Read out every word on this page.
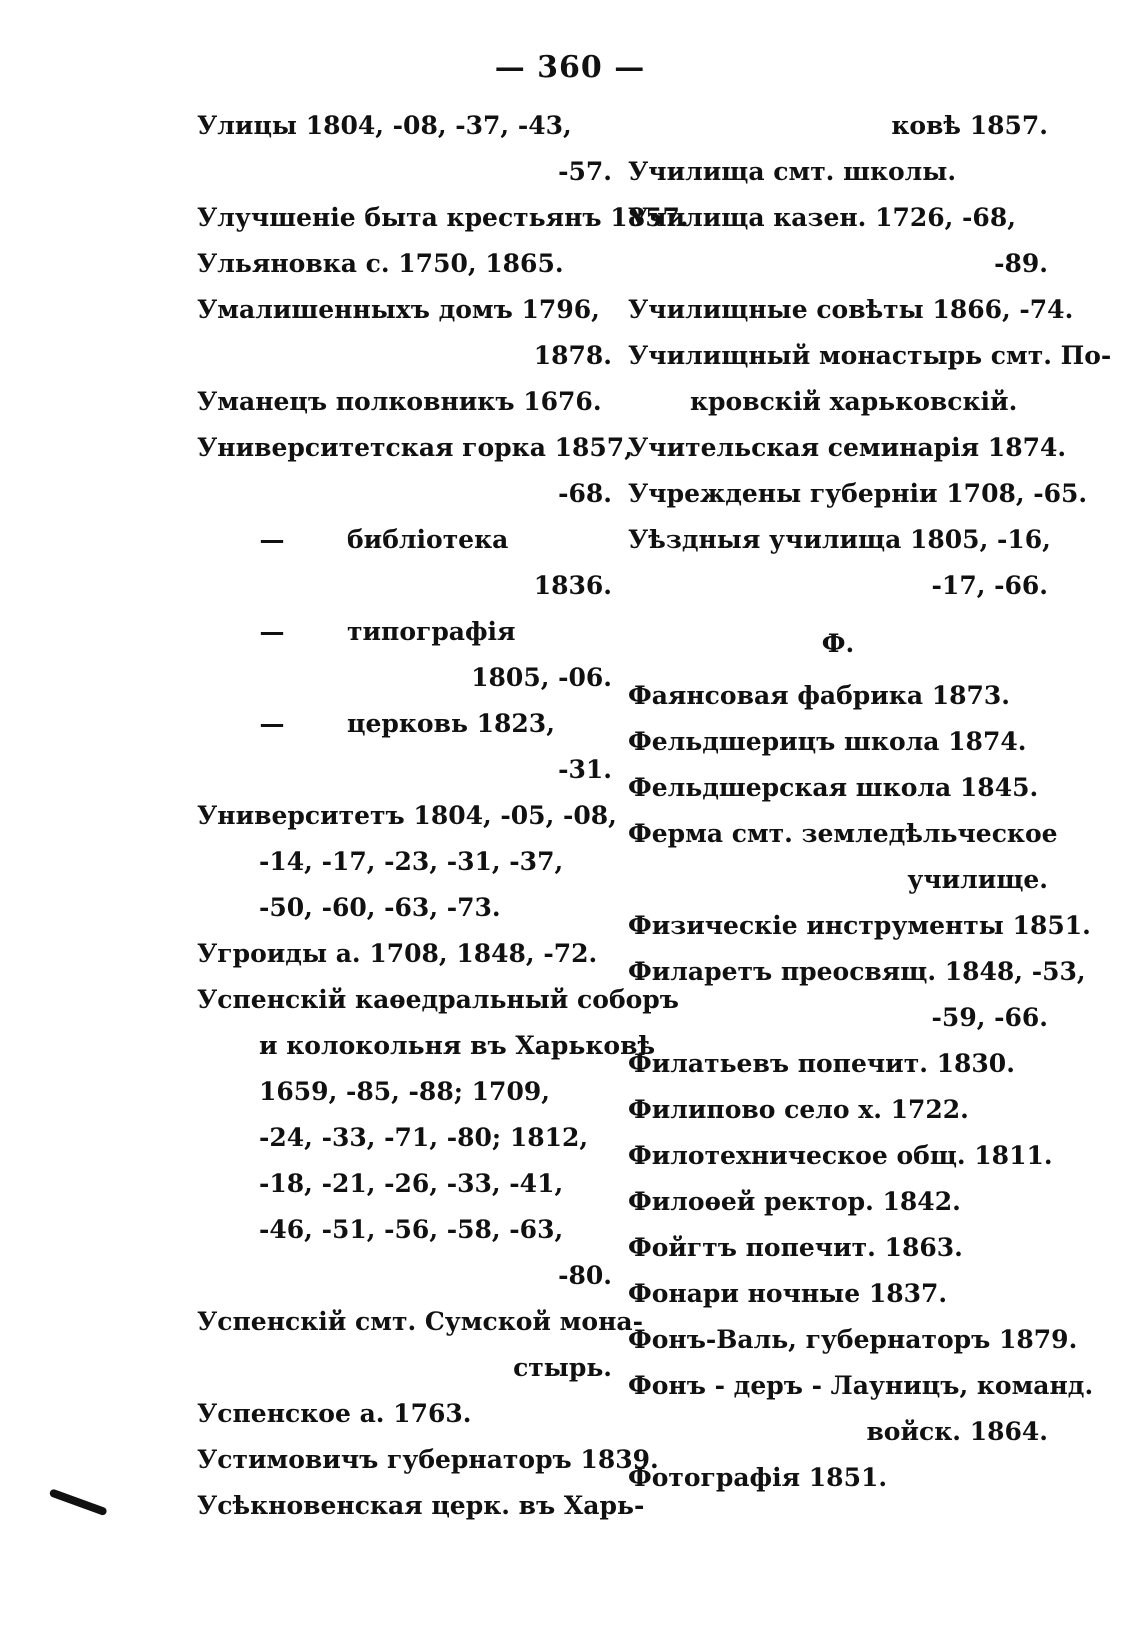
— 360 —
Улицы 1804, -08, -37, -43,
-57.
Улучшеніе быта крестьянъ 1857.
Ульяновка с. 1750, 1865.
Умалишенныхъ домъ 1796,
1878.
Уманецъ полковникъ 1676.
Университетская горка 1857,
-68.
—	библіотека
1836.
—	типографія
1805, -06.
—	церковь 1823,
-31.
Университетъ 1804, -05, -08,
-14, -17, -23, -31, -37,
-50, -60, -63, -73.
Угроиды а. 1708, 1848, -72.
Успенскій каѳедральный соборъ
и колокольня въ Харьковѣ
1659, -85, -88; 1709,
-24, -33, -71, -80; 1812,
-18, -21, -26, -33, -41,
-46, -51, -56, -58, -63,
-80.
Успенскій смт. Сумской мона-
стырь.
Успенское а. 1763.
Устимовичъ губернаторъ 1839.
Усѣкновенская церк. въ Харь-
ковѣ 1857.
Училища смт. школы.
Училища казен. 1726, -68,
-89.
Училищные совѣты 1866, -74.
Училищный монастырь смт. По-
кровскій харьковскій.
Учительская семинарія 1874.
Учреждены губерніи 1708, -65.
Уѣздныя училища 1805, -16,
-17, -66.
Ф.
Фаянсовая фабрика 1873.
Фельдшерицъ школа 1874.
Фельдшерская школа 1845.
Ферма смт. земледѣльческое
училище.
Физическіе инструменты 1851.
Филаретъ преосвящ. 1848, -53,
-59, -66.
Филатьевъ попечит. 1830.
Филипово село х. 1722.
Филотехническое общ. 1811.
Филоѳей ректор. 1842.
Фойгтъ попечит. 1863.
Фонари ночные 1837.
Фонъ-Валь, губернаторъ 1879.
Фонъ - деръ - Лауницъ, команд.
войск. 1864.
Фотографія 1851.
